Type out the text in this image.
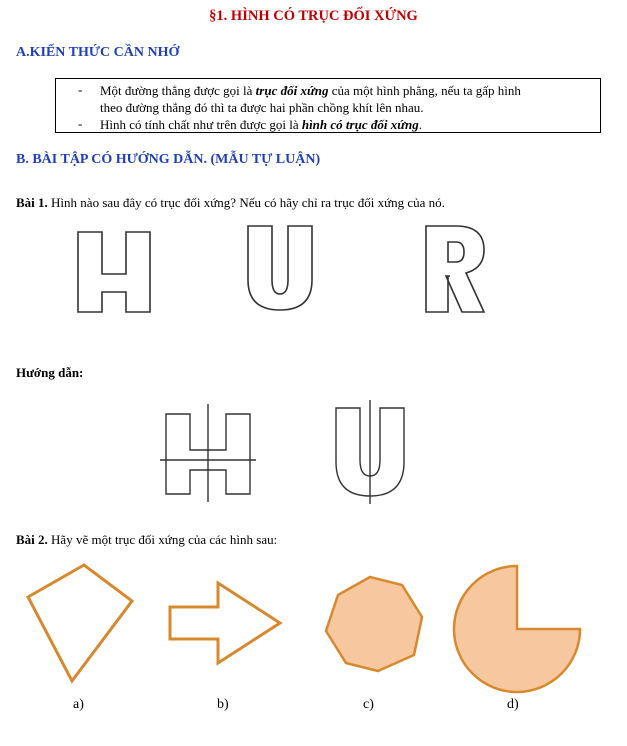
§1. HÌNH CÓ TRỤC ĐỐI XỨNG
A.KIẾN THỨC CẦN NHỚ
- Một đường thẳng được gọi là trục đối xứng của một hình phẳng, nếu ta gấp hình
theo đường thẳng đó thì ta được hai phần chồng khít lên nhau.
- Hình có tính chất như trên được gọi là hình có trục đối xứng.
B. BÀI TẬP CÓ HƯỚNG DẪN. (MẪU TỰ LUẬN)
Bài 1. Hình nào sau đây có trục đối xứng? Nếu có hãy chỉ ra trục đối xứng của nó.
Hướng dẫn:
Bài 2. Hãy vẽ một trục đối xứng của các hình sau:
a)	b)	c)	d)
